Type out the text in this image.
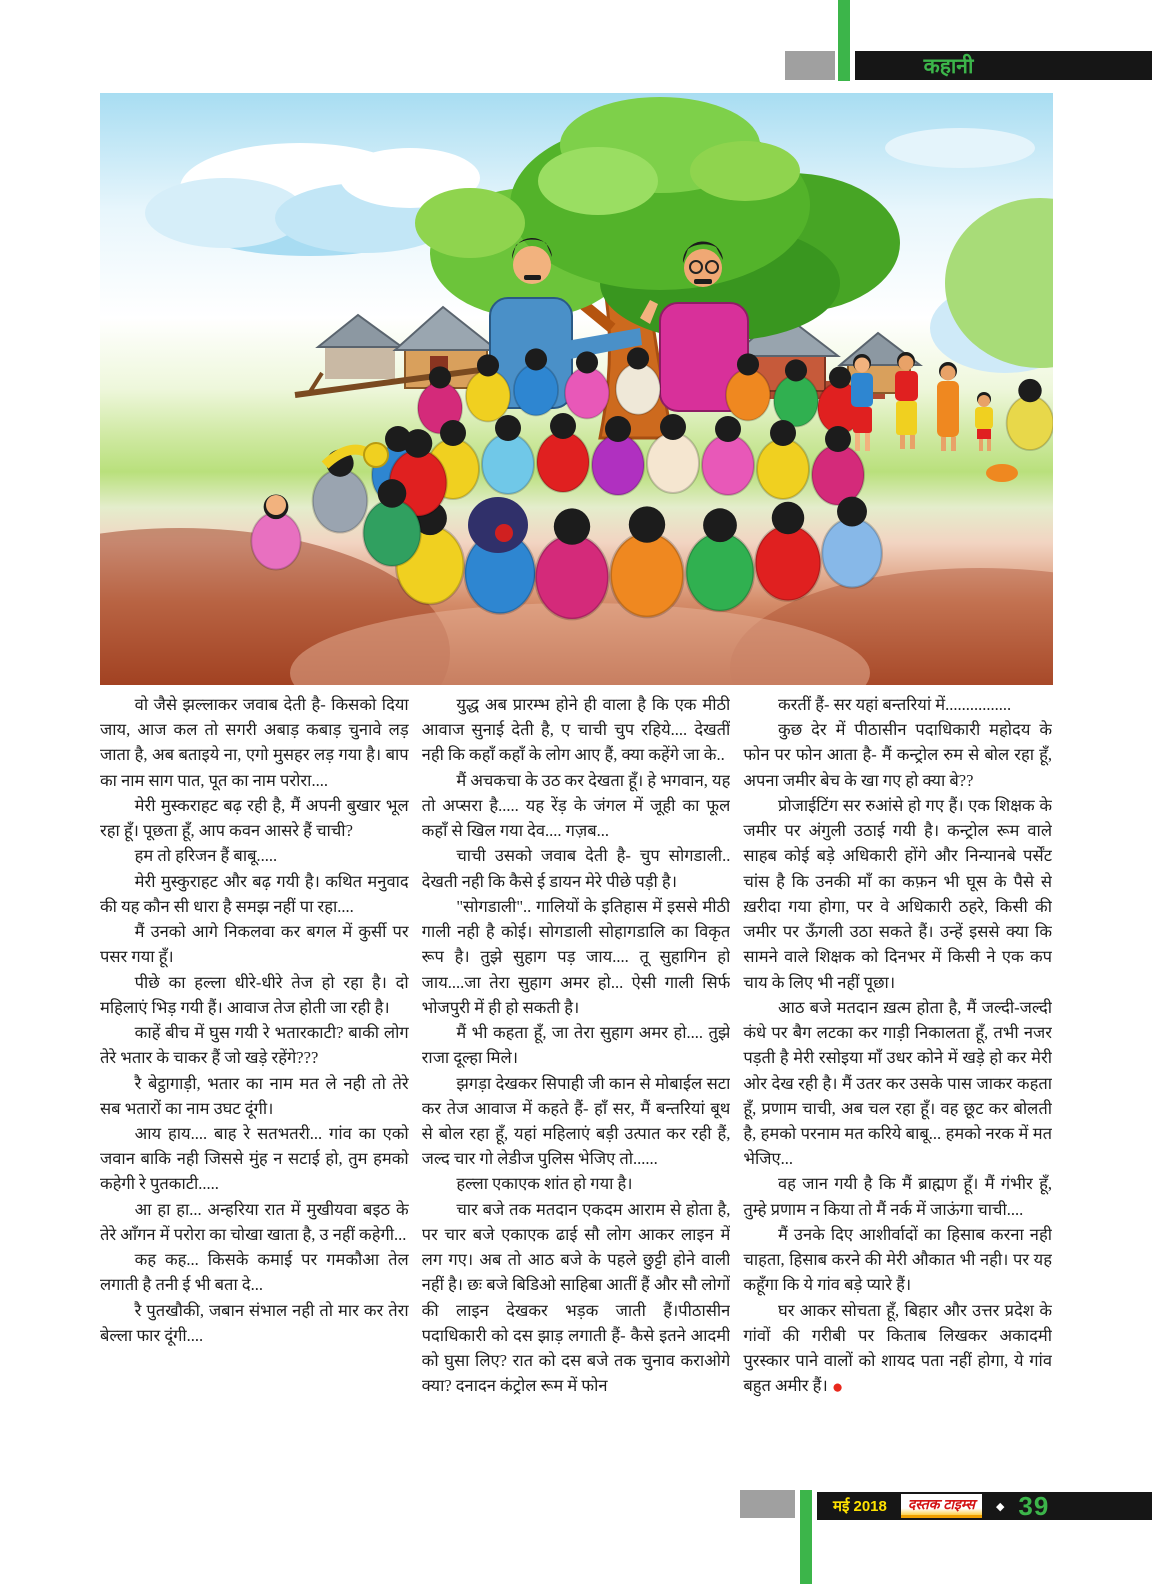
कहानी

वो जैसे झल्लाकर जवाब देती है- किसको दिया जाय, आज कल तो सगरी अबाड़ कबाड़ चुनावे लड़ जाता है, अब बताइये ना, एगो मुसहर लड़ गया है। बाप का नाम साग पात, पूत का नाम परोरा....

मेरी मुस्कराहट बढ़ रही है, मैं अपनी बुखार भूल रहा हूँ। पूछता हूँ, आप कवन आसरे हैं चाची?

हम तो हरिजन हैं बाबू.....

मेरी मुस्कुराहट और बढ़ गयी है। कथित मनुवाद की यह कौन सी धारा है समझ नहीं पा रहा....

मैं उनको आगे निकलवा कर बगल में कुर्सी पर पसर गया हूँ।

पीछे का हल्ला धीरे-धीरे तेज हो रहा है। दो महिलाएं भिड़ गयी हैं। आवाज तेज होती जा रही है।

काहें बीच में घुस गयी रे भतारकाटी? बाकी लोग तेरे भतार के चाकर हैं जो खड़े रहेंगे???

रै बेट्ठागाड़ी, भतार का नाम मत ले नही तो तेरे सब भतारों का नाम उघट दूंगी।

आय हाय.... बाह रे सतभतरी... गांव का एको जवान बाकि नही जिससे मुंह न सटाई हो, तुम हमको कहेगी रे पुतकाटी.....

आ हा हा... अन्हरिया रात में मुखीयवा बइठ के तेरे आँगन में परोरा का चोखा खाता है, उ नहीं कहेगी...

कह कह... किसके कमाई पर गमकौआ तेल लगाती है तनी ई भी बता दे...

रै पुतखौकी, जबान संभाल नही तो मार कर तेरा बेल्ला फार दूंगी....

युद्ध अब प्रारम्भ होने ही वाला है कि एक मीठी आवाज सुनाई देती है, ए चाची चुप रहिये.... देखतीं नही कि कहाँ कहाँ के लोग आए हैं, क्या कहेंगे जा के..

मैं अचकचा के उठ कर देखता हूँ। हे भगवान, यह तो अप्सरा है..... यह रेंड़ के जंगल में जूही का फूल कहाँ से खिल गया देव.... गज़ब...

चाची उसको जवाब देती है- चुप सोगडाली.. देखती नही कि कैसे ई डायन मेरे पीछे पड़ी है।

"सोगडाली".. गालियों के इतिहास में इससे मीठी गाली नही है कोई। सोगडाली सोहागडालि का विकृत रूप है। तुझे सुहाग पड़ जाय.... तू सुहागिन हो जाय....जा तेरा सुहाग अमर हो... ऐसी गाली सिर्फ भोजपुरी में ही हो सकती है।

मैं भी कहता हूँ, जा तेरा सुहाग अमर हो.... तुझे राजा दूल्हा मिले।

झगड़ा देखकर सिपाही जी कान से मोबाईल सटा कर तेज आवाज में कहते हैं- हाँ सर, मैं बन्तरियां बूथ से बोल रहा हूँ, यहां महिलाएं बड़ी उत्पात कर रही हैं, जल्द चार गो लेडीज पुलिस भेजिए तो......

हल्ला एकाएक शांत हो गया है।

चार बजे तक मतदान एकदम आराम से होता है, पर चार बजे एकाएक ढाई सौ लोग आकर लाइन में लग गए। अब तो आठ बजे के पहले छुट्टी होने वाली नहीं है। छः बजे बिडिओ साहिबा आतीं हैं और सौ लोगों की लाइन देखकर भड़क जाती हैं।पीठासीन पदाधिकारी को दस झाड़ लगाती हैं- कैसे इतने आदमी को घुसा लिए? रात को दस बजे तक चुनाव कराओगे क्या? दनादन कंट्रोल रूम में फोन

करतीं हैं- सर यहां बन्तरियां में................

कुछ देर में पीठासीन पदाधिकारी महोदय के फोन पर फोन आता है- मैं कन्ट्रोल रुम से बोल रहा हूँ, अपना जमीर बेच के खा गए हो क्या बे??

प्रोजाईटिंग सर रुआंसे हो गए हैं। एक शिक्षक के जमीर पर अंगुली उठाई गयी है। कन्ट्रोल रूम वाले साहब कोई बड़े अधिकारी होंगे और निन्यानबे पर्सेंट चांस है कि उनकी माँ का कफ़न भी घूस के पैसे से ख़रीदा गया होगा, पर वे अधिकारी ठहरे, किसी की जमीर पर ऊँगली उठा सकते हैं। उन्हें इससे क्या कि सामने वाले शिक्षक को दिनभर में किसी ने एक कप चाय के लिए भी नहीं पूछा।

आठ बजे मतदान ख़त्म होता है, मैं जल्दी-जल्दी कंधे पर बैग लटका कर गाड़ी निकालता हूँ, तभी नजर पड़ती है मेरी रसोइया माँ उधर कोने में खड़े हो कर मेरी ओर देख रही है। मैं उतर कर उसके पास जाकर कहता हूँ, प्रणाम चाची, अब चल रहा हूँ। वह छूट कर बोलती है, हमको परनाम मत करिये बाबू... हमको नरक में मत भेजिए...

वह जान गयी है कि मैं ब्राह्मण हूँ। मैं गंभीर हूँ, तुम्हे प्रणाम न किया तो मैं नर्क में जाऊंगा चाची....

मैं उनके दिए आशीर्वादों का हिसाब करना नही चाहता, हिसाब करने की मेरी औकात भी नही। पर यह कहूँगा कि ये गांव बड़े प्यारे हैं।

घर आकर सोचता हूँ, बिहार और उत्तर प्रदेश के गांवों की गरीबी पर किताब लिखकर अकादमी पुरस्कार पाने वालों को शायद पता नहीं होगा, ये गांव बहुत अमीर हैं। ●

मई 2018	दस्तक टाइम्स	◆ 39
